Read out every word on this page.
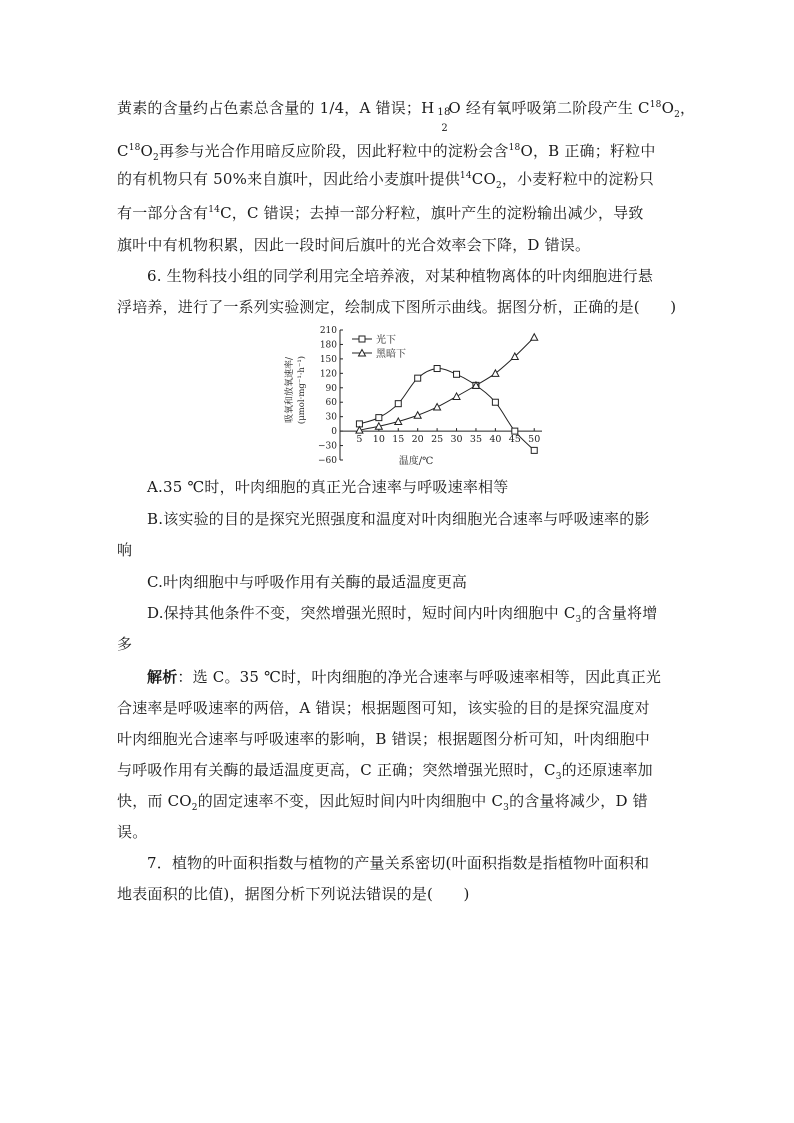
黄素的含量约占色素总含量的 1/4，A 错误；H 18
2
O 经有氧呼吸第二阶段产生 $C^{18}O_2$，
$C^{18}O_2$再参与光合作用暗反应阶段，因此籽粒中的淀粉会含$^{18}$O，B 正确；籽粒中
的有机物只有 50%来自旗叶，因此给小麦旗叶提供$^{14}CO_2$，小麦籽粒中的淀粉只
有一部分含有$^{14}$C，C 错误；去掉一部分籽粒，旗叶产生的淀粉输出减少，导致
旗叶中有机物积累，因此一段时间后旗叶的光合效率会下降，D 错误。
6. 生物科技小组的同学利用完全培养液，对某种植物离体的叶肉细胞进行悬
浮培养，进行了一系列实验测定，绘制成下图所示曲线。据图分析，正确的是(　　)
温度/℃
吸氧和放氧速率/ (μmol·mg⁻¹·h⁻¹)
210
180
150
120
90
60
30
0
−30
−60
5 10 15 20 25 30 35 40 45 50
光下
黑暗下
A.35 ℃时，叶肉细胞的真正光合速率与呼吸速率相等
B.该实验的目的是探究光照强度和温度对叶肉细胞光合速率与呼吸速率的影
响
C.叶肉细胞中与呼吸作用有关酶的最适温度更高
D.保持其他条件不变，突然增强光照时，短时间内叶肉细胞中 $C_3$的含量将增
多
解析：选 C。35 ℃时，叶肉细胞的净光合速率与呼吸速率相等，因此真正光
合速率是呼吸速率的两倍，A 错误；根据题图可知，该实验的目的是探究温度对
叶肉细胞光合速率与呼吸速率的影响，B 错误；根据题图分析可知，叶肉细胞中
与呼吸作用有关酶的最适温度更高，C 正确；突然增强光照时，$C_3$的还原速率加
快，而 $CO_2$的固定速率不变，因此短时间内叶肉细胞中 $C_3$的含量将减少，D 错
误。
7．植物的叶面积指数与植物的产量关系密切(叶面积指数是指植物叶面积和
地表面积的比值)，据图分析下列说法错误的是(　　)
